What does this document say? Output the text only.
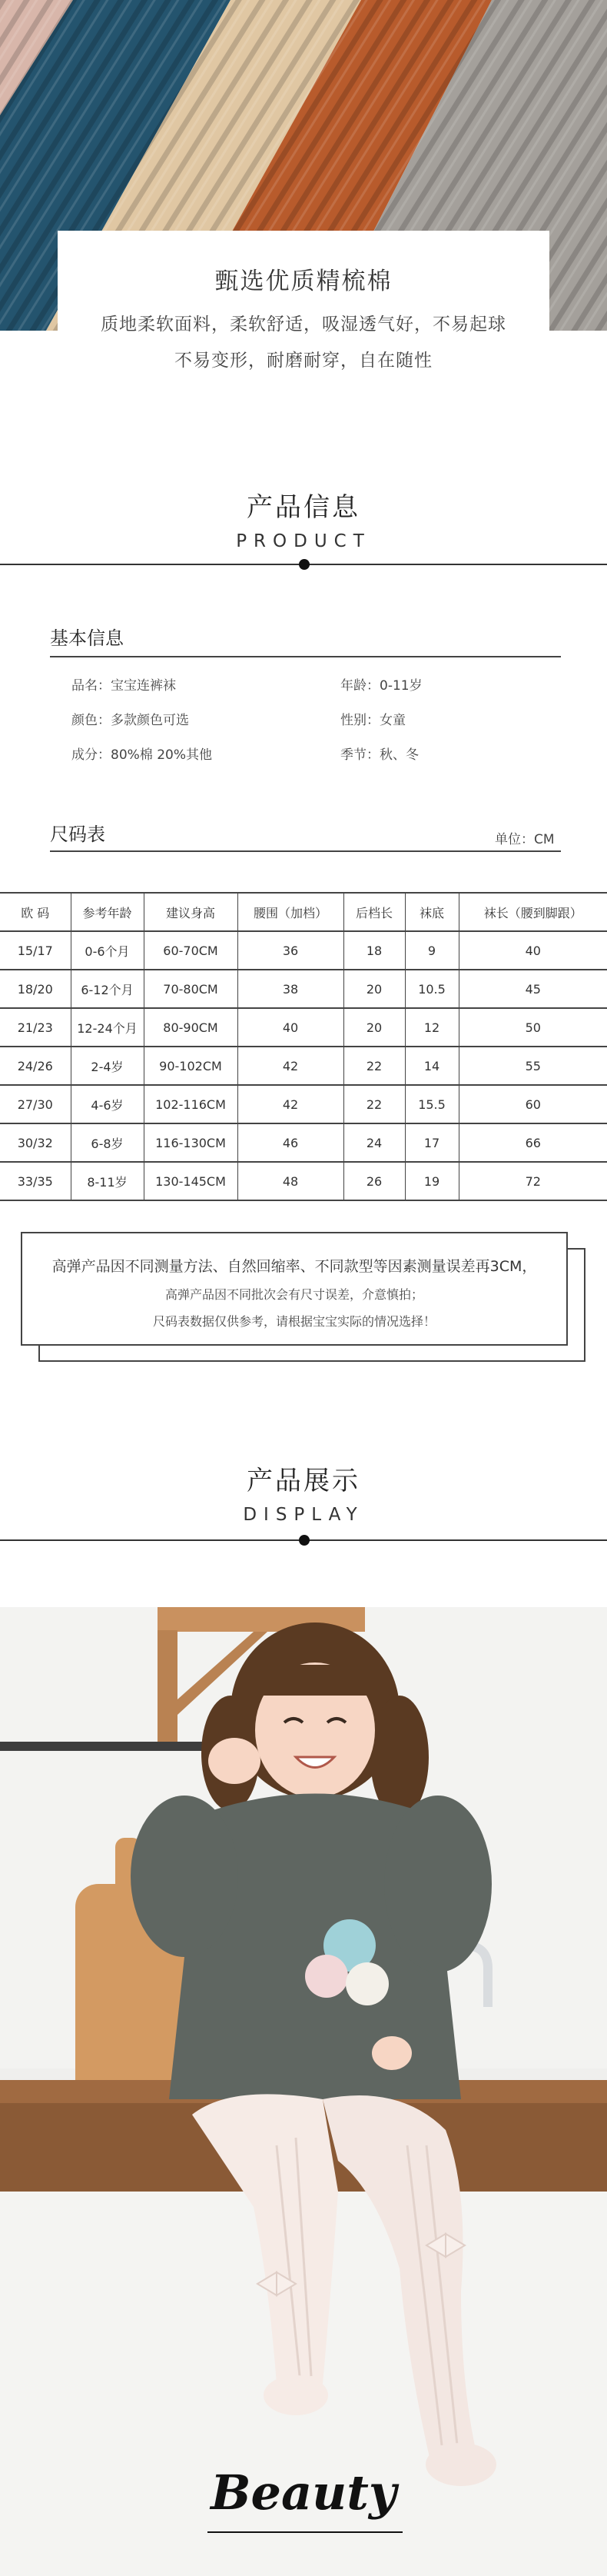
甄选优质精梳棉
质地柔软面料，柔软舒适，吸湿透气好，不易起球
不易变形，耐磨耐穿，自在随性
产品信息
PRODUCT
基本信息
品名：宝宝连裤袜	年龄：0-11岁
颜色：多款颜色可选	性别：女童
成分：80%棉 20%其他	季节：秋、冬
尺码表	单位：CM
欧 码	参考年龄	建议身高	腰围（加档）	后档长	袜底	袜长（腰到脚跟）
15/17	0-6个月	60-70CM	36	18	9	40
18/20	6-12个月	70-80CM	38	20	10.5	45
21/23	12-24个月	80-90CM	40	20	12	50
24/26	2-4岁	90-102CM	42	22	14	55
27/30	4-6岁	102-116CM	42	22	15.5	60
30/32	6-8岁	116-130CM	46	24	17	66
33/35	8-11岁	130-145CM	48	26	19	72
高弹产品因不同测量方法、自然回缩率、不同款型等因素测量误差再3CM，
高弹产品因不同批次会有尺寸误差，介意慎拍；
尺码表数据仅供参考，请根据宝宝实际的情况选择！
产品展示
DISPLAY
Beauty
